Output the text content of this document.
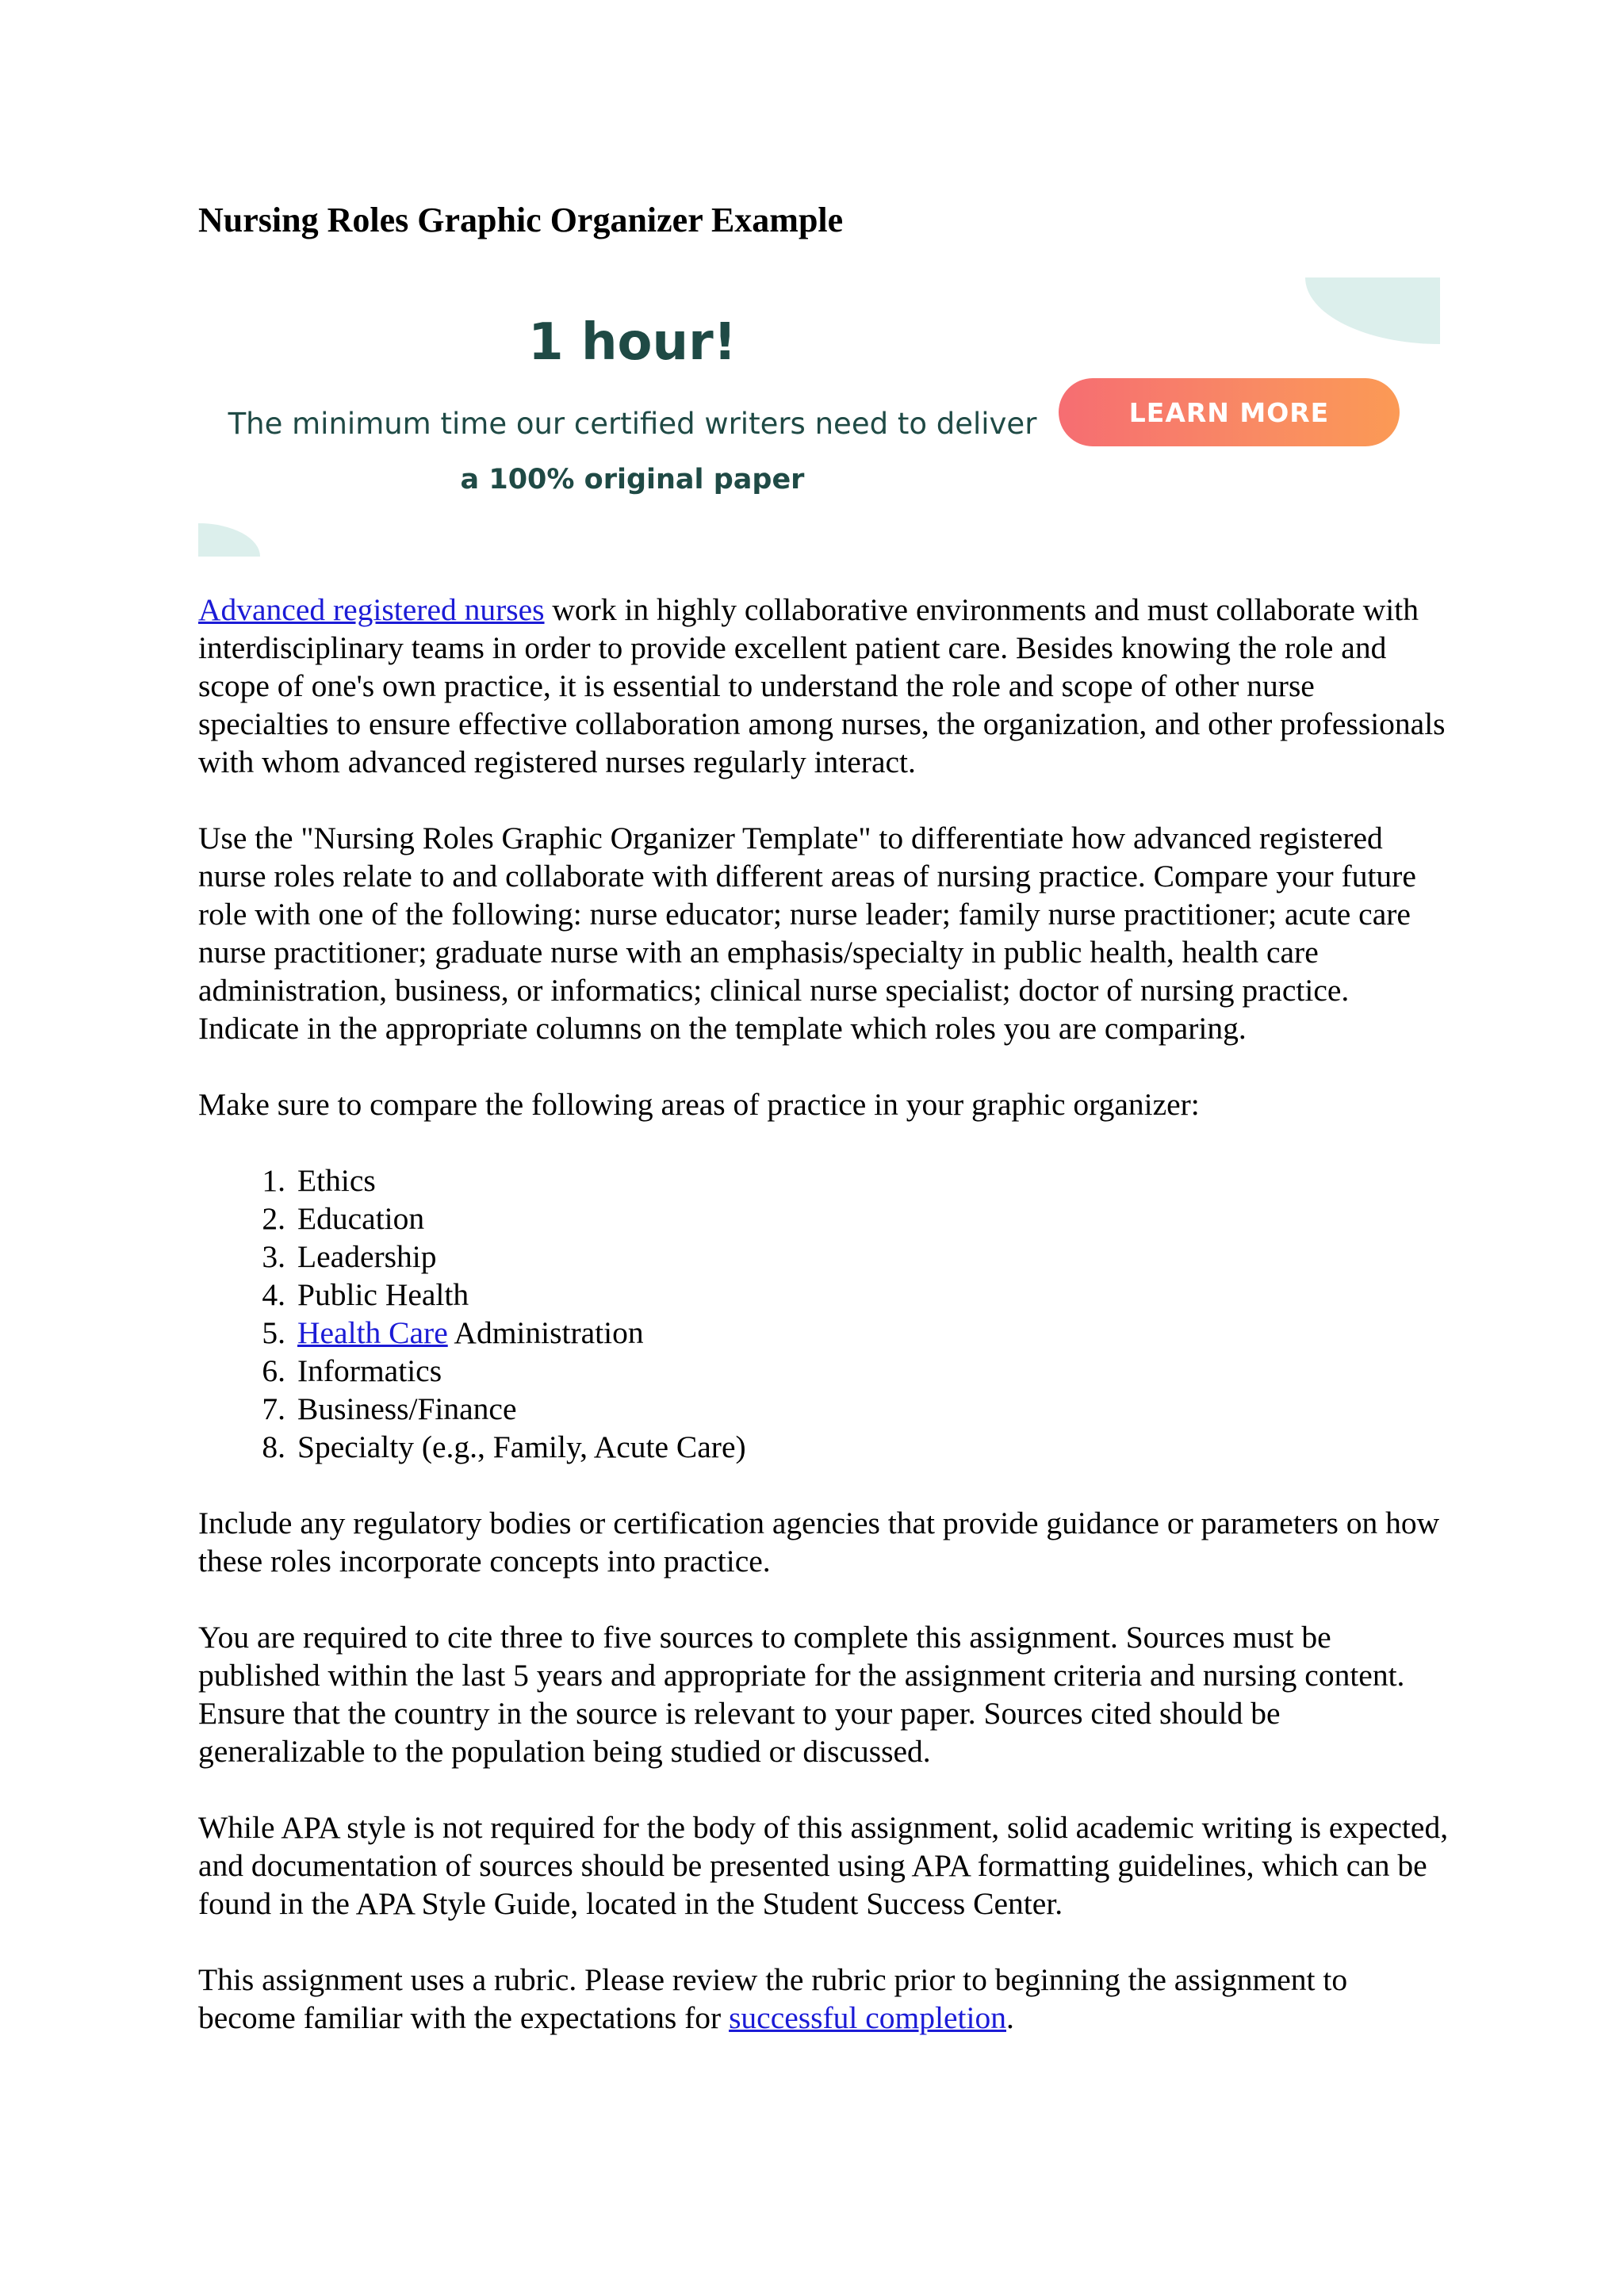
Nursing Roles Graphic Organizer Example
1 hour!
The minimum time our certified writers need to deliver
a 100% original paper
LEARN MORE

Advanced registered nurses work in highly collaborative environments and must collaborate with interdisciplinary teams in order to provide excellent patient care. Besides knowing the role and scope of one's own practice, it is essential to understand the role and scope of other nurse specialties to ensure effective collaboration among nurses, the organization, and other professionals with whom advanced registered nurses regularly interact.

Use the "Nursing Roles Graphic Organizer Template" to differentiate how advanced registered nurse roles relate to and collaborate with different areas of nursing practice. Compare your future role with one of the following: nurse educator; nurse leader; family nurse practitioner; acute care nurse practitioner; graduate nurse with an emphasis/specialty in public health, health care administration, business, or informatics; clinical nurse specialist; doctor of nursing practice. Indicate in the appropriate columns on the template which roles you are comparing.

Make sure to compare the following areas of practice in your graphic organizer:

1. Ethics
2. Education
3. Leadership
4. Public Health
5. Health Care Administration
6. Informatics
7. Business/Finance
8. Specialty (e.g., Family, Acute Care)

Include any regulatory bodies or certification agencies that provide guidance or parameters on how these roles incorporate concepts into practice.

You are required to cite three to five sources to complete this assignment. Sources must be published within the last 5 years and appropriate for the assignment criteria and nursing content. Ensure that the country in the source is relevant to your paper. Sources cited should be generalizable to the population being studied or discussed.

While APA style is not required for the body of this assignment, solid academic writing is expected, and documentation of sources should be presented using APA formatting guidelines, which can be found in the APA Style Guide, located in the Student Success Center.

This assignment uses a rubric. Please review the rubric prior to beginning the assignment to become familiar with the expectations for successful completion.
